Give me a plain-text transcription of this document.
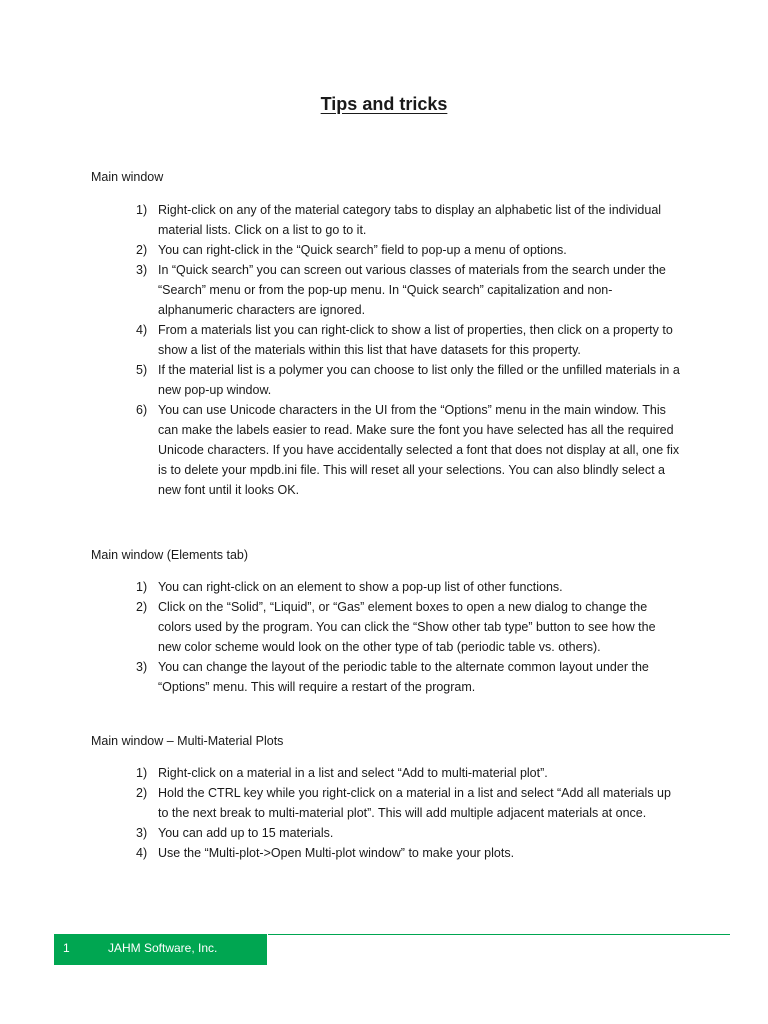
Tips and tricks

Main window

1) Right-click on any of the material category tabs to display an alphabetic list of the individual material lists. Click on a list to go to it.
2) You can right-click in the “Quick search” field to pop-up a menu of options.
3) In “Quick search” you can screen out various classes of materials from the search under the “Search” menu or from the pop-up menu. In “Quick search” capitalization and non-alphanumeric characters are ignored.
4) From a materials list you can right-click to show a list of properties, then click on a property to show a list of the materials within this list that have datasets for this property.
5) If the material list is a polymer you can choose to list only the filled or the unfilled materials in a new pop-up window.
6) You can use Unicode characters in the UI from the “Options” menu in the main window. This can make the labels easier to read. Make sure the font you have selected has all the required Unicode characters. If you have accidentally selected a font that does not display at all, one fix is to delete your mpdb.ini file. This will reset all your selections. You can also blindly select a new font until it looks OK.

Main window (Elements tab)

1) You can right-click on an element to show a pop-up list of other functions.
2) Click on the “Solid”, “Liquid”, or “Gas” element boxes to open a new dialog to change the colors used by the program. You can click the “Show other tab type” button to see how the new color scheme would look on the other type of tab (periodic table vs. others).
3) You can change the layout of the periodic table to the alternate common layout under the “Options” menu. This will require a restart of the program.

Main window – Multi-Material Plots

1) Right-click on a material in a list and select “Add to multi-material plot”.
2) Hold the CTRL key while you right-click on a material in a list and select “Add all materials up to the next break to multi-material plot”. This will add multiple adjacent materials at once.
3) You can add up to 15 materials.
4) Use the “Multi-plot->Open Multi-plot window” to make your plots.
1	JAHM Software, Inc.
